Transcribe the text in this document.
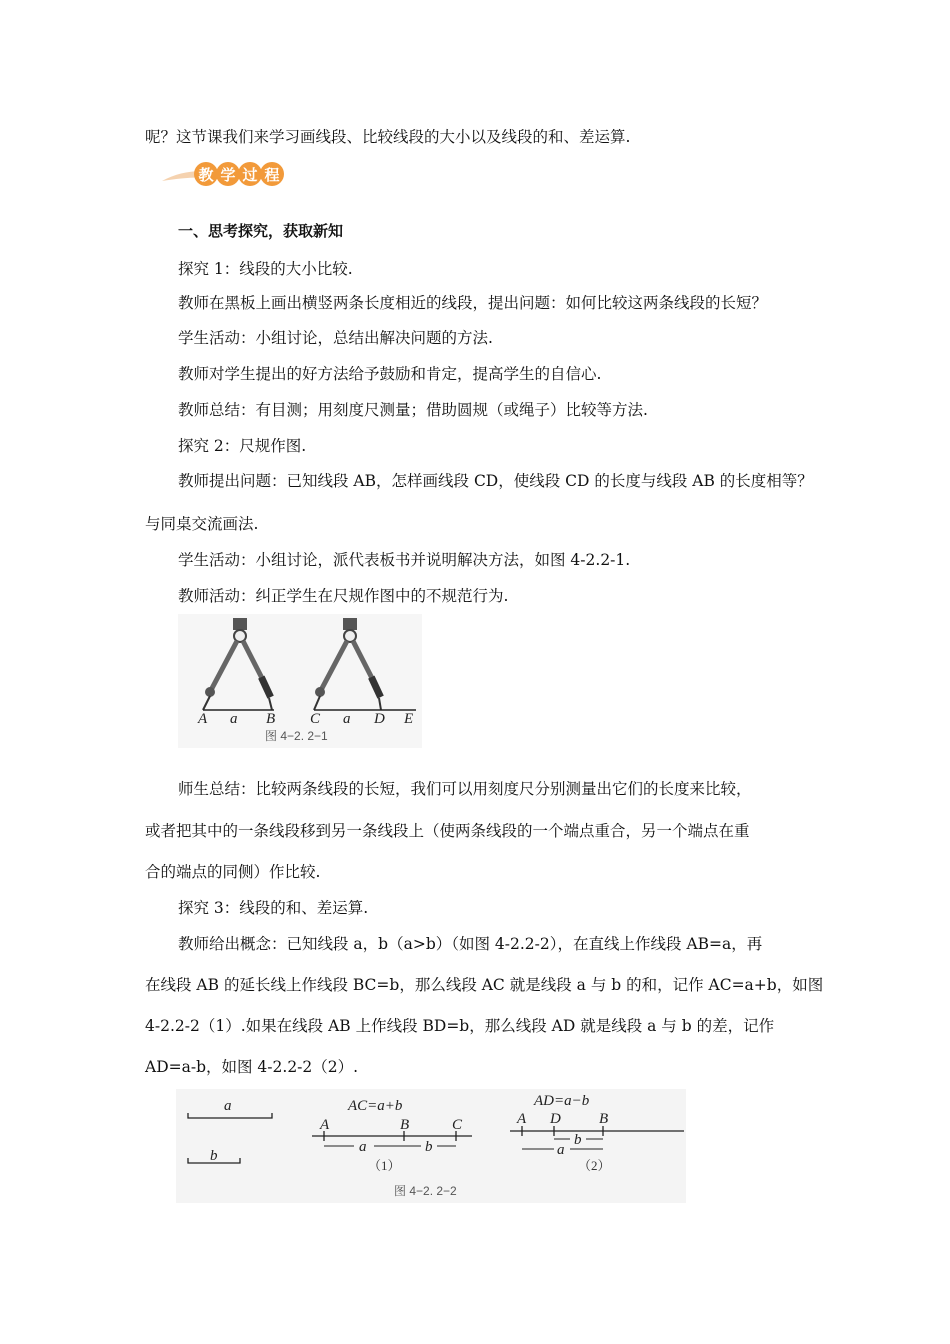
呢？这节课我们来学习画线段、比较线段的大小以及线段的和、差运算.
教 学 过 程
一、思考探究，获取新知
探究 1：线段的大小比较.
教师在黑板上画出横竖两条长度相近的线段，提出问题：如何比较这两条线段的长短？
学生活动：小组讨论，总结出解决问题的方法.
教师对学生提出的好方法给予鼓励和肯定，提高学生的自信心.
教师总结：有目测；用刻度尺测量；借助圆规（或绳子）比较等方法.
探究 2：尺规作图.
教师提出问题：已知线段 AB，怎样画线段 CD，使线段 CD 的长度与线段 AB 的长度相等？
与同桌交流画法.
学生活动：小组讨论，派代表板书并说明解决方法，如图 4-2.2-1.
教师活动：纠正学生在尺规作图中的不规范行为.
A a B C a D E
图 4−2. 2−1
师生总结：比较两条线段的长短，我们可以用刻度尺分别测量出它们的长度来比较，
或者把其中的一条线段移到另一条线段上（使两条线段的一个端点重合，另一个端点在重
合的端点的同侧）作比较.
探究 3：线段的和、差运算.
教师给出概念：已知线段 a，b（a>b）（如图 4-2.2-2），在直线上作线段 AB=a，再
在线段 AB 的延长线上作线段 BC=b，那么线段 AC 就是线段 a 与 b 的和，记作 AC=a+b，如图
4-2.2-2（1）.如果在线段 AB 上作线段 BD=b，那么线段 AD 就是线段 a 与 b 的差，记作
AD=a-b，如图 4-2.2-2（2）.
a
b
AC=a+b
A	B	C
a	b
（1）
AD=a−b
A D	B
b
a
（2）
图 4−2. 2−2
